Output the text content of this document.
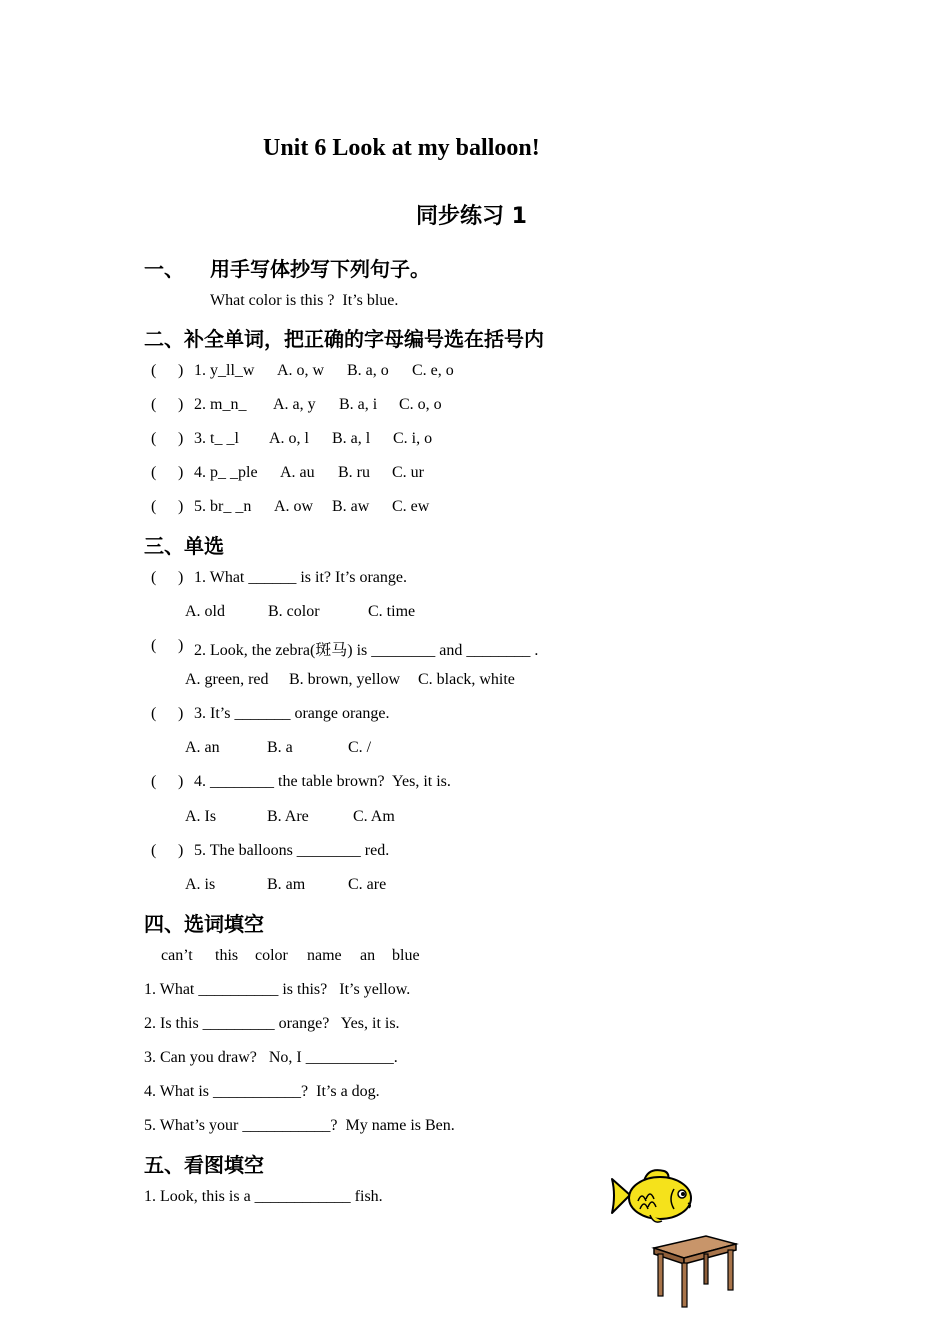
Unit 6 Look at my balloon!
同步练习 1
一、 用手写体抄写下列句子。
What color is this ?  It’s blue.
二、补全单词，把正确的字母编号选在括号内
( ) 1. y_ll_w A. o, w B. a, o C. e, o
( ) 2. m_n_ A. a, y B. a, i C. o, o
( ) 3. t_ _l A. o, l B. a, l C. i, o
( ) 4. p_ _ple A. au B. ru C. ur
( ) 5. br_ _n A. ow B. aw C. ew
三、单选
( ) 1. What ______ is it? It’s orange.
A. old	B. color	C. time
( ) 2. Look, the zebra(斑马) is ________ and ________ .
A. green, red B. brown, yellow C. black, white
( ) 3. It’s _______ orange orange.
A. an	B. a	C. /
( ) 4. ________ the table brown?  Yes, it is.
A. Is	B. Are	C. Am
( ) 5. The balloons ________ red.
A. is	B. am	C. are
四、选词填空
can’t this color name an blue
1. What __________ is this?   It’s yellow.
2. Is this _________ orange?   Yes, it is.
3. Can you draw?   No, I ___________.
4. What is ___________?  It’s a dog.
5. What’s your ___________?  My name is Ben.
五、看图填空
1. Look, this is a ____________ fish.
